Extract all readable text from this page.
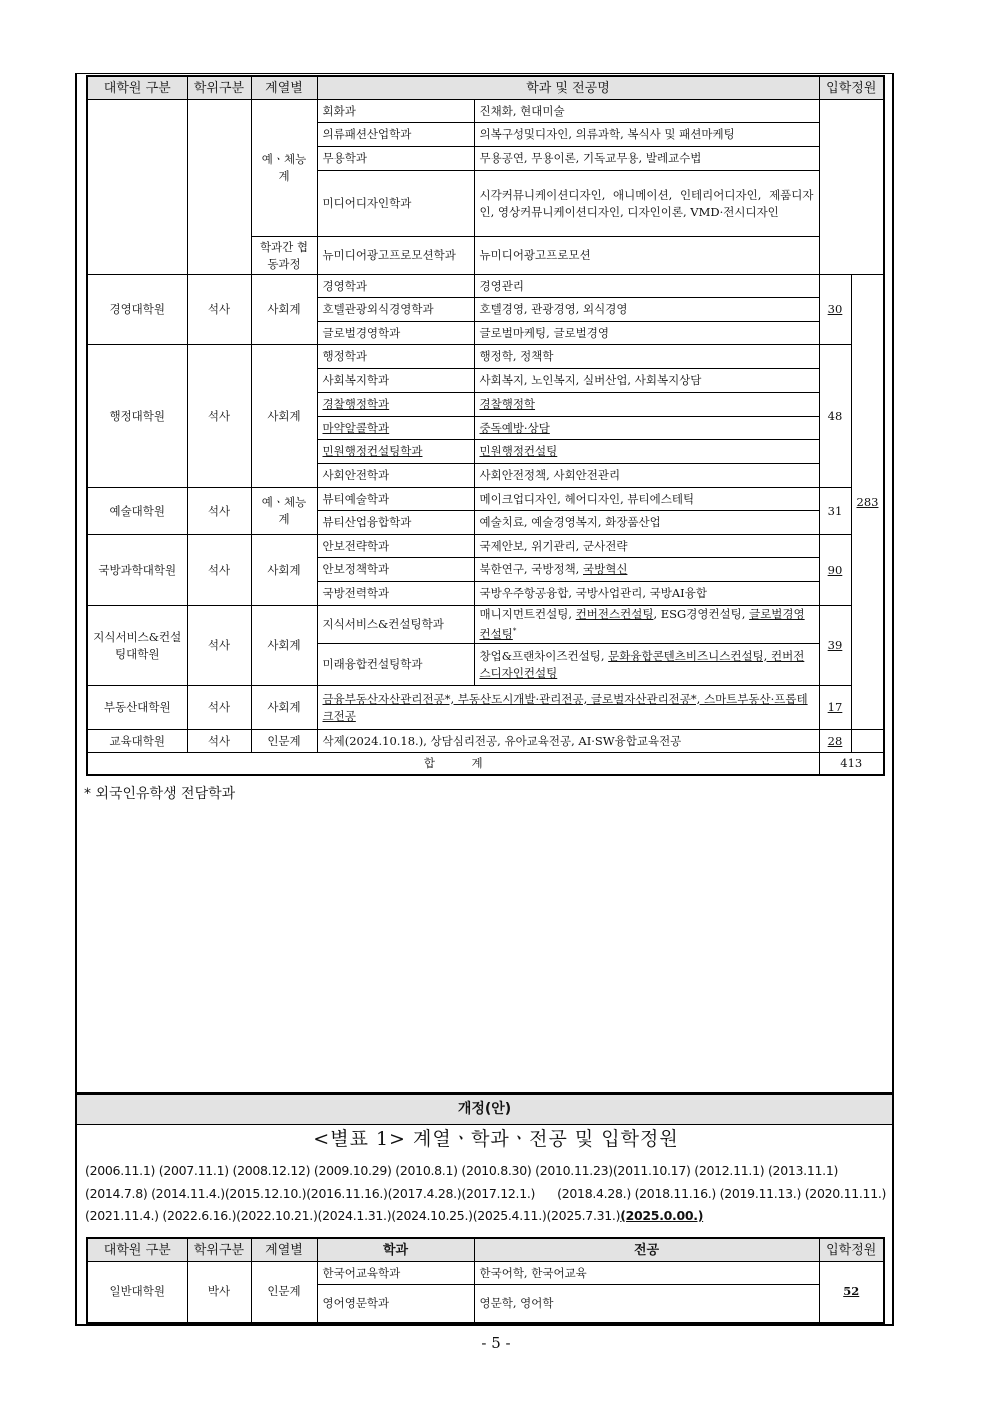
개정(안)
대학원 구분	학위구분	계열별	학과 및 전공명		입학정원	
		예ㆍ체능계	회화과	진채화, 현대미술		
			의류패션산업학과	의복구성및디자인, 의류과학, 복식사 및 패션마케팅		
			무용학과	무용공연, 무용이론, 기독교무용, 발레교수법		
			미디어디자인학과	시각커뮤니케이션디자인, 애니메이션, 인테리어디자인, 제품디자인, 영상커뮤니케이션디자인, 디자인이론, VMD·전시디자인		
		학과간 협동과정	뉴미디어광고프로모션학과	뉴미디어광고프로모션		
경영대학원	석사	사회계	경영학과	경영관리	30	283
			호텔관광외식경영학과	호텔경영, 관광경영, 외식경영		
			글로벌경영학과	글로벌마케팅, 글로벌경영		
행정대학원	석사	사회계	행정학과	행정학, 정책학	48	
			사회복지학과	사회복지, 노인복지, 실버산업, 사회복지상담		
			경찰행정학과	경찰행정학		
			마약알콜학과	중독예방·상담		
			민원행정컨설팅학과	민원행정컨설팅		
			사회안전학과	사회안전정책, 사회안전관리		
예술대학원	석사	예ㆍ체능계	뷰티예술학과	메이크업디자인, 헤어디자인, 뷰티에스테틱	31	
			뷰티산업융합학과	예술치료, 예술경영복지, 화장품산업		
국방과학대학원	석사	사회계	안보전략학과	국제안보, 위기관리, 군사전략	90	
			안보정책학과	북한연구, 국방정책, 국방혁신		
			국방전력학과	국방우주항공융합, 국방사업관리, 국방AI융합		
지식서비스&컨설팅대학원	석사	사회계	지식서비스&컨설팅학과	매니지먼트컨설팅, 컨버전스컨설팅, ESG경영컨설팅, 글로벌경영컨설팅*	39	
			미래융합컨설팅학과	창업&프랜차이즈컨설팅, 문화융합콘텐츠비즈니스컨설팅, 컨버전스디자인컨설팅		
부동산대학원	석사	사회계	금융부동산자산관리전공*, 부동산도시개발·관리전공, 글로벌자산관리전공*, 스마트부동산·프롭테크전공		17	
교육대학원	석사	인문계	삭제(2024.10.18.), 상담심리전공, 유아교육전공, AI·SW융합교육전공		28	
합          계					413	
* 외국인유학생 전담학과
<별표 1> 계열ㆍ학과ㆍ전공 및 입학정원
(2006.11.1) (2007.11.1) (2008.12.12) (2009.10.29) (2010.8.1) (2010.8.30) (2010.11.23)(2011.10.17) (2012.11.1) (2013.11.1)
(2014.7.8) (2014.11.4.)(2015.12.10.)(2016.11.16.)(2017.4.28.)(2017.12.1.)      (2018.4.28.) (2018.11.16.) (2019.11.13.) (2020.11.11.)
(2021.11.4.) (2022.6.16.)(2022.10.21.)(2024.1.31.)(2024.10.25.)(2025.4.11.)(2025.7.31.)(2025.0.00.)
대학원 구분	학위구분	계열별	학과	전공	입학정원
일반대학원	박사	인문계	한국어교육학과	한국어학, 한국어교육	52
			영어영문학과	영문학, 영어학	
- 5 -
